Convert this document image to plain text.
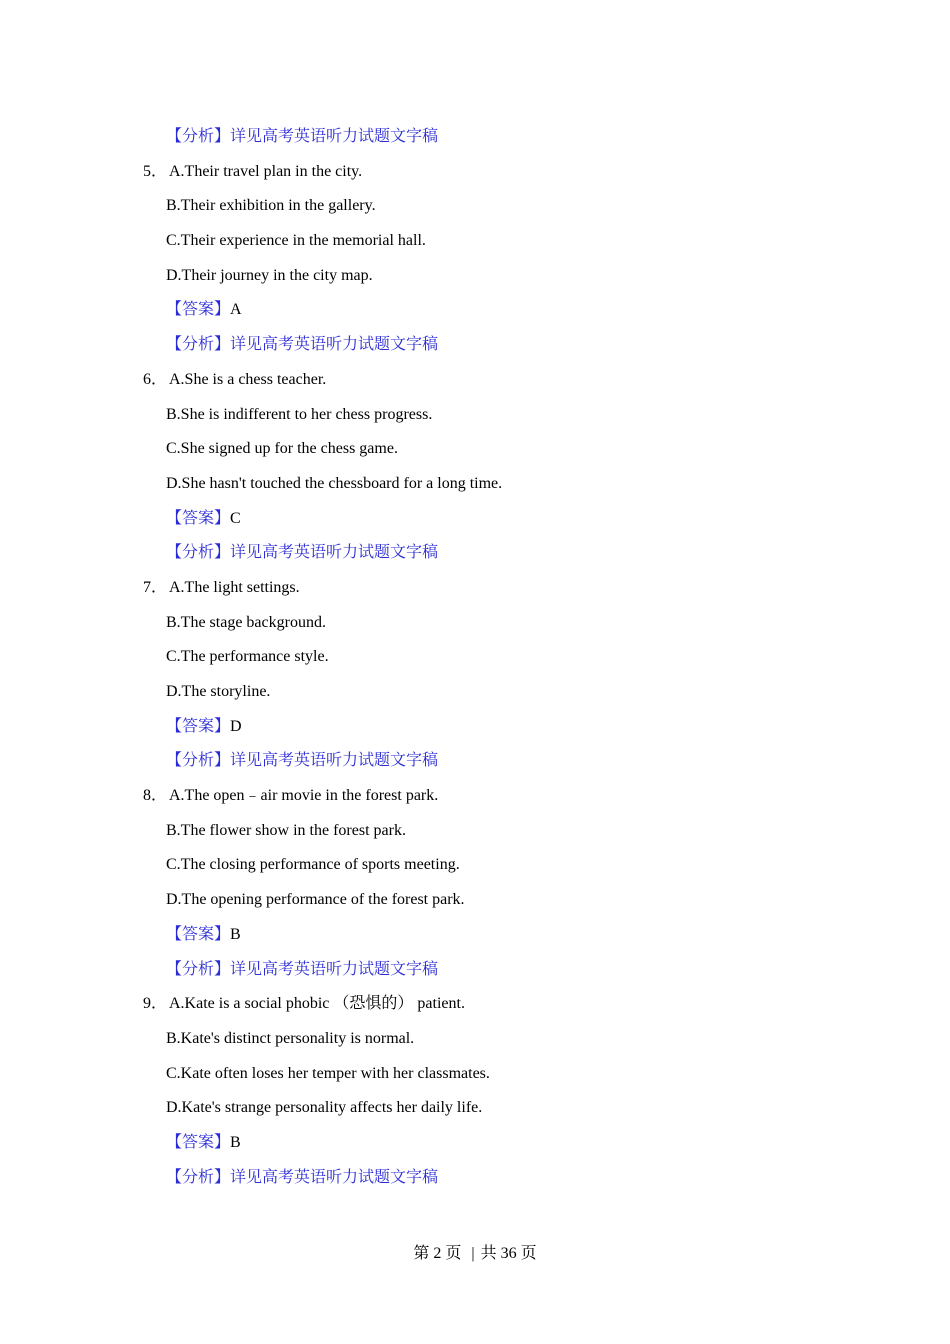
【分析】详见高考英语听力试题文字稿
5． A.Their travel plan in the city.
B.Their exhibition in the gallery.
C.Their experience in the memorial hall.
D.Their journey in the city map.
【答案】A
【分析】详见高考英语听力试题文字稿
6． A.She is a chess teacher.
B.She is indifferent to her chess progress.
C.She signed up for the chess game.
D.She hasn't touched the chessboard for a long time.
【答案】C
【分析】详见高考英语听力试题文字稿
7． A.The light settings.
B.The stage background.
C.The performance style.
D.The storyline.
【答案】D
【分析】详见高考英语听力试题文字稿
8． A.The open﹣air movie in the forest park.
B.The flower show in the forest park.
C.The closing performance of sports meeting.
D.The opening performance of the forest park.
【答案】B
【分析】详见高考英语听力试题文字稿
9． A.Kate is a social phobic （恐惧的） patient.
B.Kate's distinct personality is normal.
C.Kate often loses her temper with her classmates.
D.Kate's strange personality affects her daily life.
【答案】B
【分析】详见高考英语听力试题文字稿
第 2 页 | 共 36 页
